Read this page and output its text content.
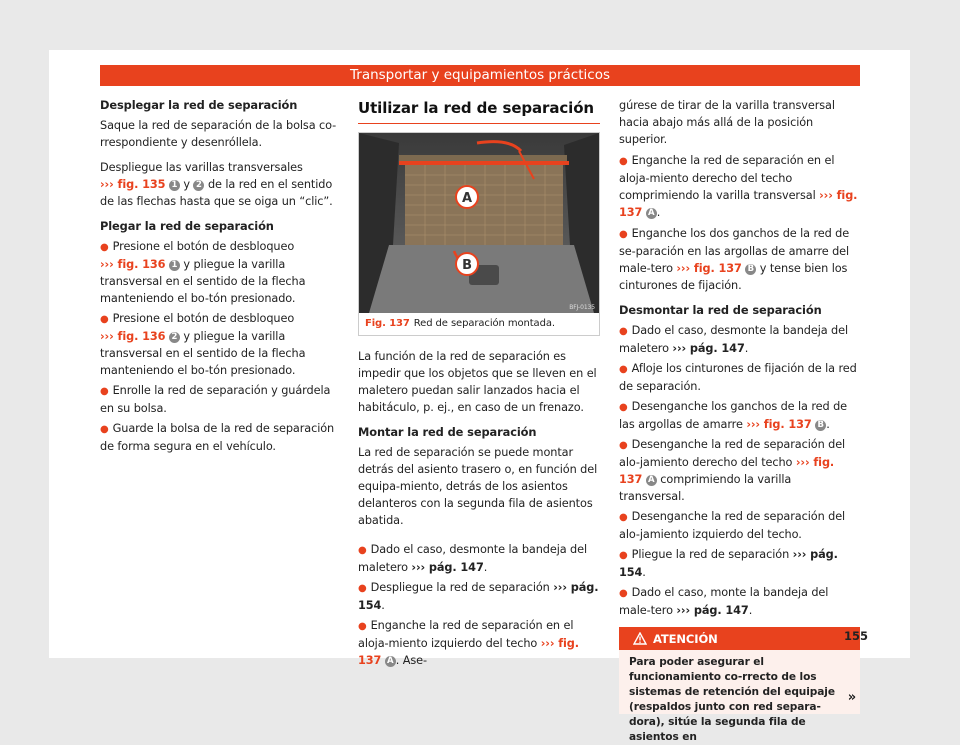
Transportar y equipamientos prácticos
Desplegar la red de separación

Saque la red de separación de la bolsa co-rrespondiente y desenróllela.

Despliegue las varillas transversales
››› fig. 135 1 y 2 de la red en el sentido de las flechas hasta que se oiga un “clic”.

Plegar la red de separación

● Presione el botón de desbloqueo
››› fig. 136 1 y pliegue la varilla transversal en el sentido de la flecha manteniendo el bo-tón presionado.

● Presione el botón de desbloqueo
››› fig. 136 2 y pliegue la varilla transversal en el sentido de la flecha manteniendo el bo-tón presionado.

● Enrolle la red de separación y guárdela en su bolsa.

● Guarde la bolsa de la red de separación de forma segura en el vehículo.

Utilizar la red de separación
A
B
BFJ-0135
Fig. 137 Red de separación montada.

La función de la red de separación es impedir que los objetos que se lleven en el maletero puedan salir lanzados hacia el habitáculo, p. ej., en caso de un frenazo.

Montar la red de separación

La red de separación se puede montar detrás del asiento trasero o, en función del equipa-miento, detrás de los asientos delanteros con la segunda fila de asientos abatida.

● Dado el caso, desmonte la bandeja del maletero ››› pág. 147.

● Despliegue la red de separación ››› pág. 154.

● Enganche la red de separación en el aloja-miento izquierdo del techo ››› fig. 137 A . Ase-

gúrese de tirar de la varilla transversal hacia abajo más allá de la posición superior.

● Enganche la red de separación en el aloja-miento derecho del techo comprimiendo la varilla transversal ››› fig. 137 A .

● Enganche los dos ganchos de la red de se-paración en las argollas de amarre del male-tero ››› fig. 137 B y tense bien los cinturones de fijación.

Desmontar la red de separación

● Dado el caso, desmonte la bandeja del maletero ››› pág. 147.

● Afloje los cinturones de fijación de la red de separación.

● Desenganche los ganchos de la red de las argollas de amarre ››› fig. 137 B .

● Desenganche la red de separación del alo-jamiento derecho del techo ››› fig. 137 A comprimiendo la varilla transversal.

● Desenganche la red de separación del alo-jamiento izquierdo del techo.

● Pliegue la red de separación ››› pág. 154.

● Dado el caso, monte la bandeja del male-tero ››› pág. 147.

ATENCIÓN
Para poder asegurar el funcionamiento co-rrecto de los sistemas de retención del equipaje (respaldos junto con red separa-dora), sitúe la segunda fila de asientos en
»
155
